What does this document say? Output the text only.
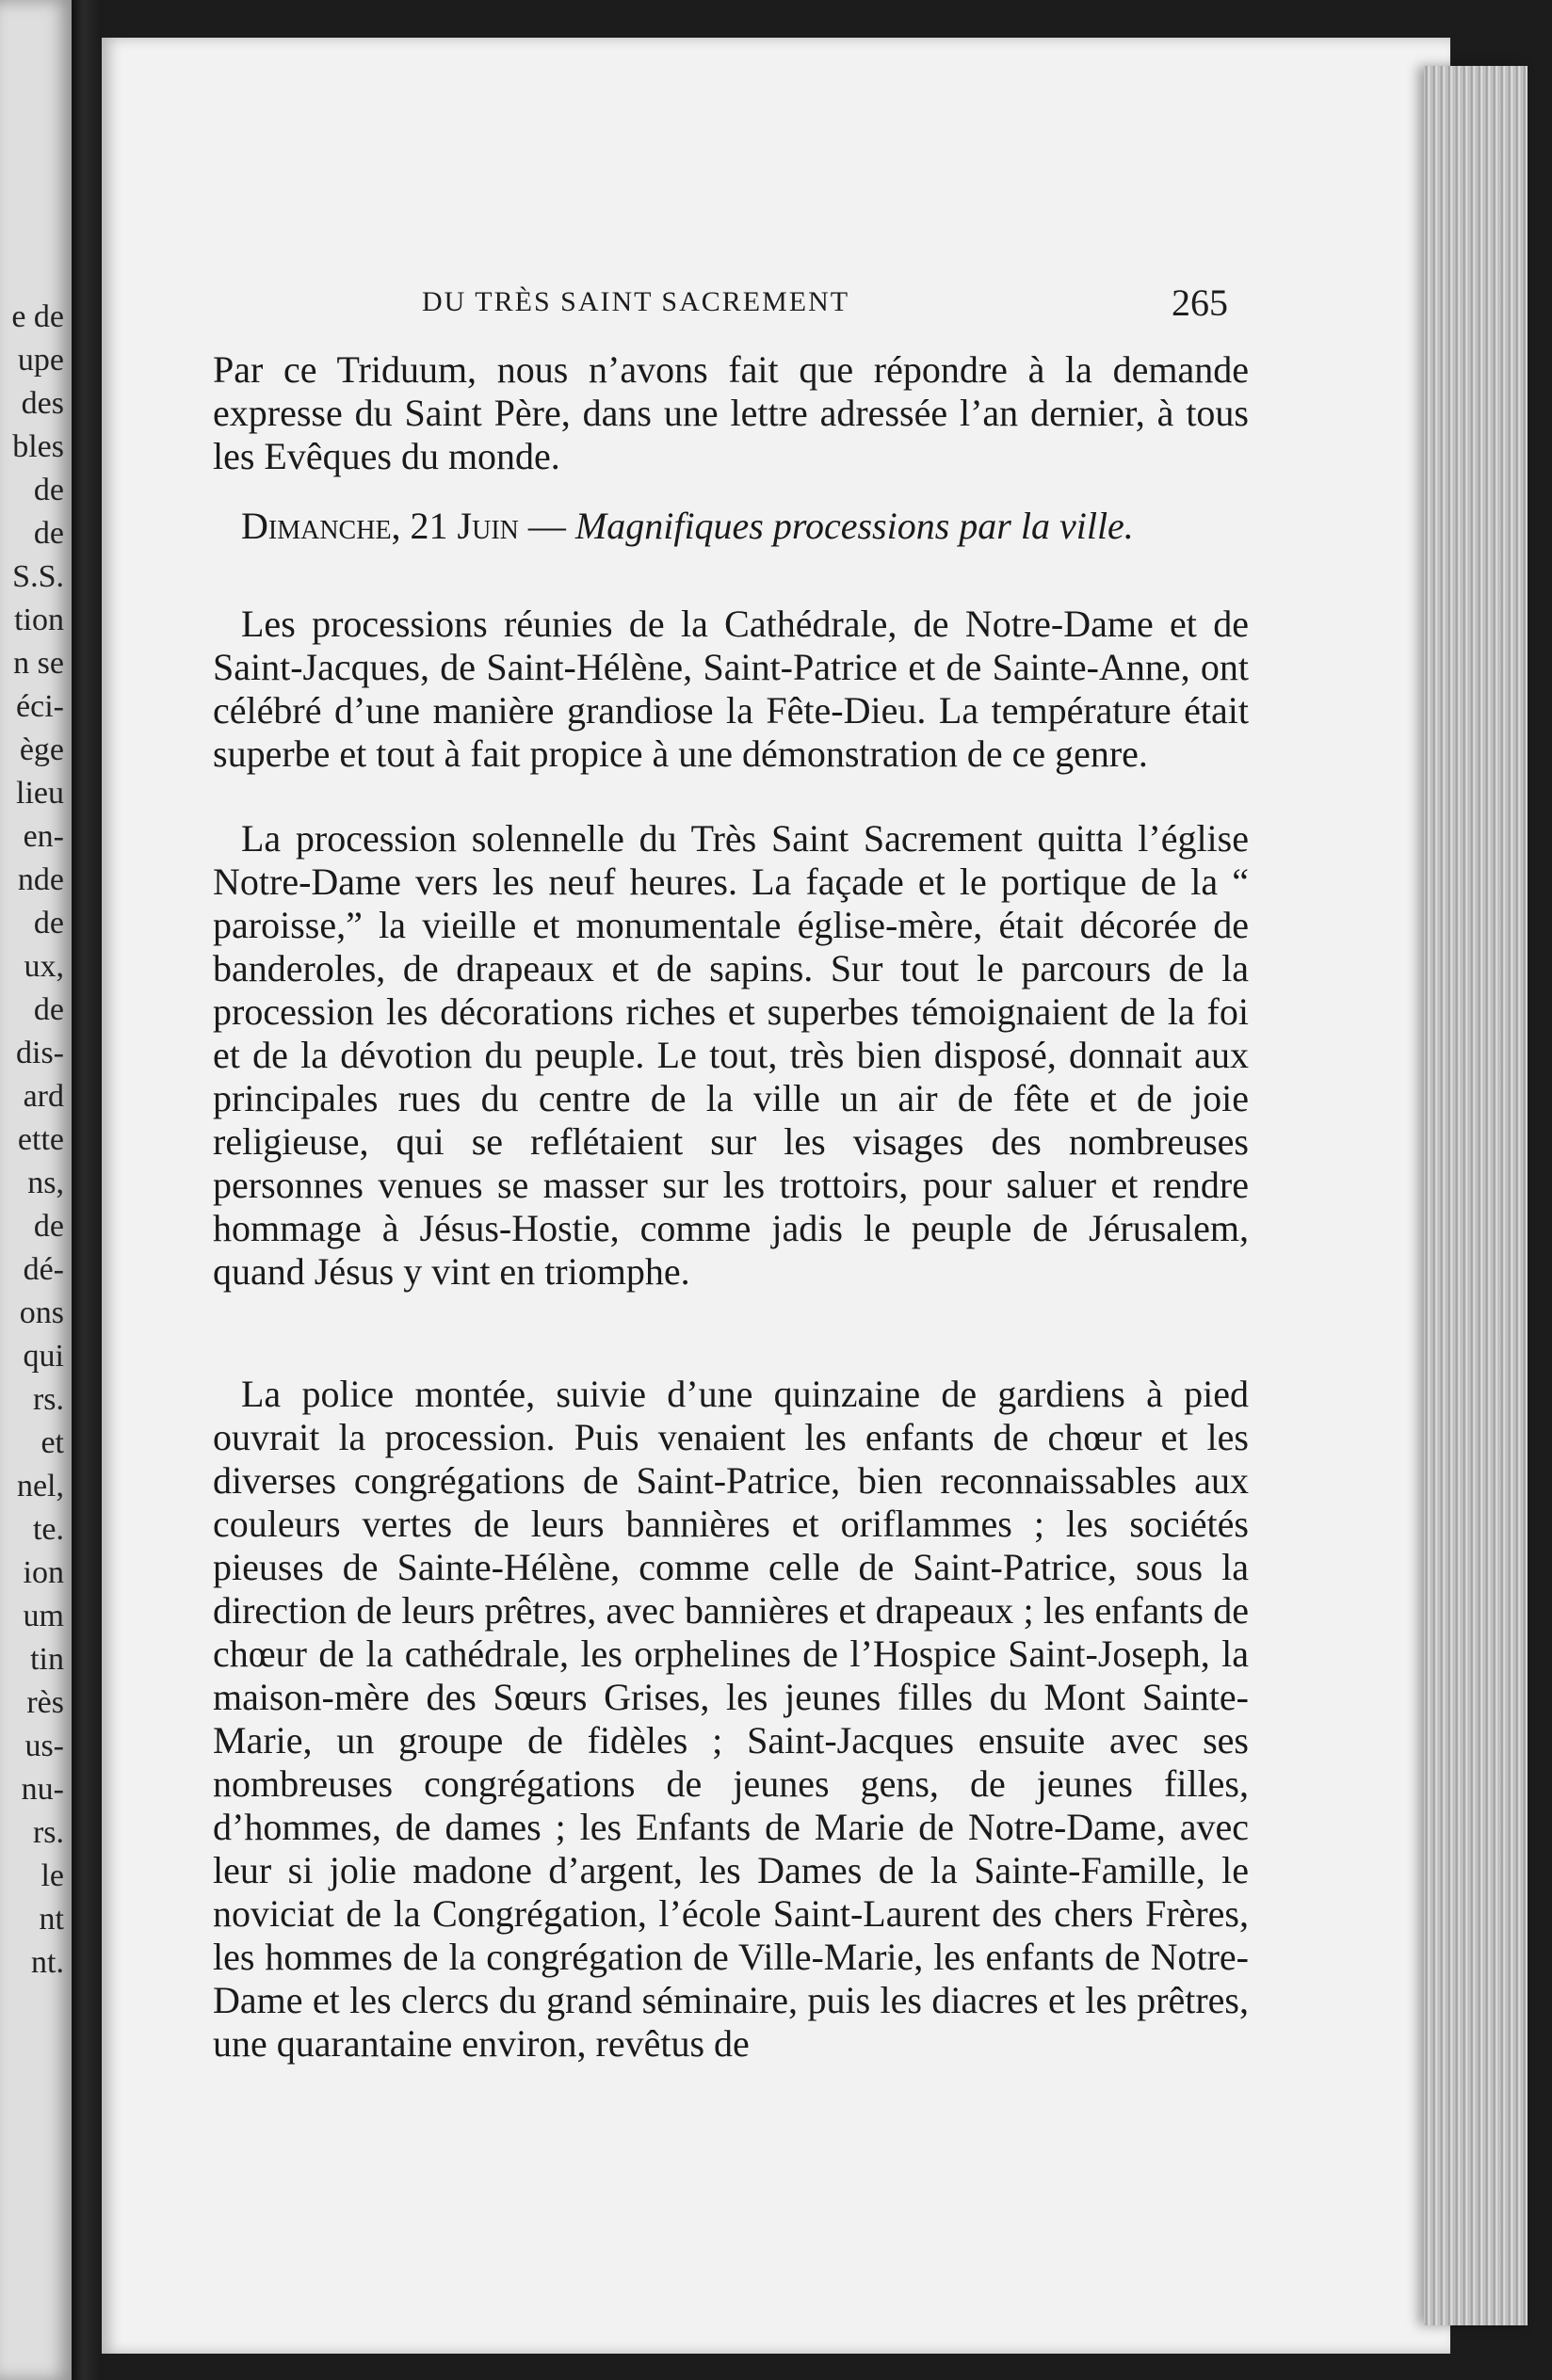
e de
upe
des
bles
de
de
S.S.
tion
n se
éci-
ège
lieu
en-
nde
de
ux,
de
dis-
ard
ette
ns,
de
dé-
ons
qui
rs.
et
nel,
te.
ion
um
tin
rès
us-
nu-
rs.
le
nt
nt.
DU TRÈS SAINT SACREMENT	265

Par ce Triduum, nous n’avons fait que répondre à la demande expresse du Saint Père, dans une lettre adressée l’an dernier, à tous les Evêques du monde.

Dimanche, 21 Juin — Magnifiques processions par la ville.

Les processions réunies de la Cathédrale, de Notre-Dame et de Saint-Jacques, de Saint-Hélène, Saint-Patrice et de Sainte-Anne, ont célébré d’une manière grandiose la Fête-Dieu. La température était superbe et tout à fait propice à une démonstration de ce genre.

La procession solennelle du Très Saint Sacrement quitta l’église Notre-Dame vers les neuf heures. La façade et le portique de la “ paroisse,” la vieille et monumentale église-mère, était décorée de banderoles, de drapeaux et de sapins. Sur tout le parcours de la procession les décorations riches et superbes témoignaient de la foi et de la dévotion du peuple. Le tout, très bien disposé, donnait aux principales rues du centre de la ville un air de fête et de joie religieuse, qui se reflétaient sur les visages des nombreuses personnes venues se masser sur les trottoirs, pour saluer et rendre hommage à Jésus-Hostie, comme jadis le peuple de Jérusalem, quand Jésus y vint en triomphe.

La police montée, suivie d’une quinzaine de gardiens à pied ouvrait la procession. Puis venaient les enfants de chœur et les diverses congrégations de Saint-Patrice, bien reconnaissables aux couleurs vertes de leurs bannières et oriflammes ; les sociétés pieuses de Sainte-Hélène, comme celle de Saint-Patrice, sous la direction de leurs prêtres, avec bannières et drapeaux ; les enfants de chœur de la cathédrale, les orphelines de l’Hospice Saint-Joseph, la maison-mère des Sœurs Grises, les jeunes filles du Mont Sainte-Marie, un groupe de fidèles ; Saint-Jacques ensuite avec ses nombreuses congrégations de jeunes gens, de jeunes filles, d’hommes, de dames ; les Enfants de Marie de Notre-Dame, avec leur si jolie madone d’argent, les Dames de la Sainte-Famille, le noviciat de la Congrégation, l’école Saint-Laurent des chers Frères, les hommes de la congrégation de Ville-Marie, les enfants de Notre-Dame et les clercs du grand séminaire, puis les diacres et les prêtres, une quarantaine environ, revêtus de
